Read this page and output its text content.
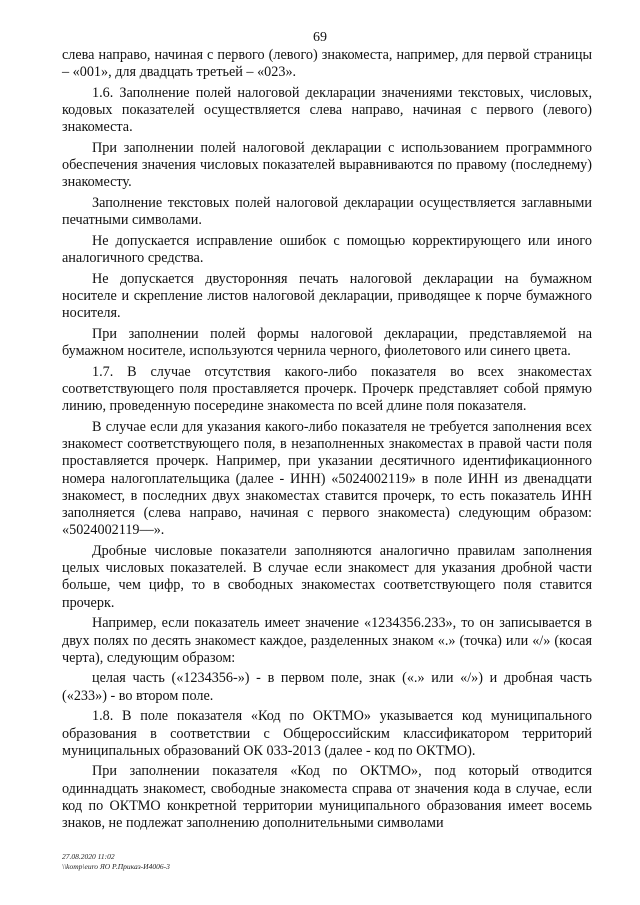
69

слева направо, начиная с первого (левого) знакоместа, например, для первой страницы – «001», для двадцать третьей – «023».

1.6. Заполнение полей налоговой декларации значениями текстовых, числовых, кодовых показателей осуществляется слева направо, начиная с первого (левого) знакоместа.

При заполнении полей налоговой декларации с использованием программного обеспечения значения числовых показателей выравниваются по правому (последнему) знакоместу.

Заполнение текстовых полей налоговой декларации осуществляется заглавными печатными символами.

Не допускается исправление ошибок с помощью корректирующего или иного аналогичного средства.

Не допускается двусторонняя печать налоговой декларации на бумажном носителе и скрепление листов налоговой декларации, приводящее к порче бумажного носителя.

При заполнении полей формы налоговой декларации, представляемой на бумажном носителе, используются чернила черного, фиолетового или синего цвета.

1.7. В случае отсутствия какого-либо показателя во всех знакоместах соответствующего поля проставляется прочерк. Прочерк представляет собой прямую линию, проведенную посередине знакоместа по всей длине поля показателя.

В случае если для указания какого-либо показателя не требуется заполнения всех знакомест соответствующего поля, в незаполненных знакоместах в правой части поля проставляется прочерк. Например, при указании десятичного идентификационного номера налогоплательщика (далее - ИНН) «5024002119» в поле ИНН из двенадцати знакомест, в последних двух знакоместах ставится прочерк, то есть показатель ИНН заполняется (слева направо, начиная с первого знакоместа) следующим образом: «5024002119––».

Дробные числовые показатели заполняются аналогично правилам заполнения целых числовых показателей. В случае если знакомест для указания дробной части больше, чем цифр, то в свободных знакоместах соответствующего поля ставится прочерк.

Например, если показатель имеет значение «1234356.233», то он записывается в двух полях по десять знакомест каждое, разделенных знаком «.» (точка) или «/» (косая черта), следующим образом:

целая часть («1234356-») - в первом поле, знак («.» или «/») и дробная часть («233») - во втором поле.

1.8. В поле показателя «Код по ОКТМО» указывается код муниципального образования в соответствии с Общероссийским классификатором территорий муниципальных образований ОК 033-2013 (далее - код по ОКТМО).

При заполнении показателя «Код по ОКТМО», под который отводится одиннадцать знакомест, свободные знакоместа справа от значения кода в случае, если код по ОКТМО конкретной территории муниципального образования имеет восемь знаков, не подлежат заполнению дополнительными символами

27.08.2020 11:02
\\komp\euro ЯО Р.Приказ-И4006-3
